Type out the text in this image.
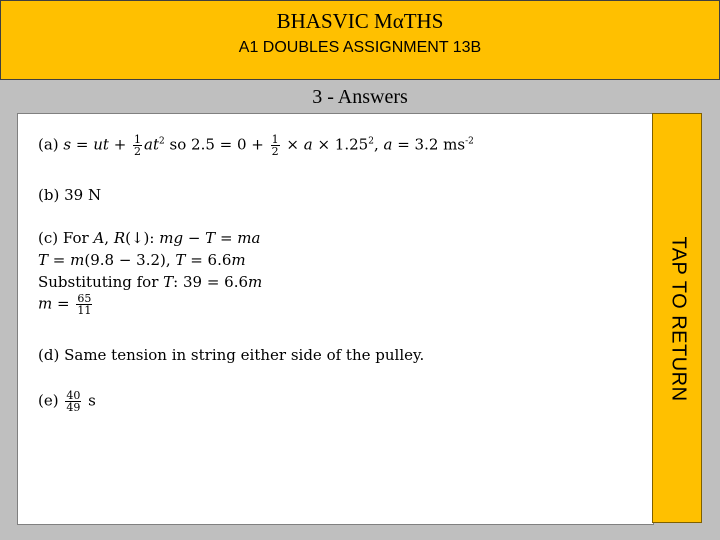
BHASVIC MαTHS
A1 DOUBLES ASSIGNMENT 13B
3 - Answers
TAP TO RETURN
(a) s = ut + $\frac{1}{2} at^2$ so $2.5 = 0 + \frac{1}{2} \times a \times 1.25^2$, a = 3.2 $ms^{-2}$
(b) 39 N
(c) For A, R(↓): mg − T = ma
T = m(9.8 − 3.2), T = 6.6m
Substituting for T: 39 = 6.6m
$m = \frac{65}{11}$
(d) Same tension in string either side of the pulley.
$(e) \frac{40}{49}$ s
